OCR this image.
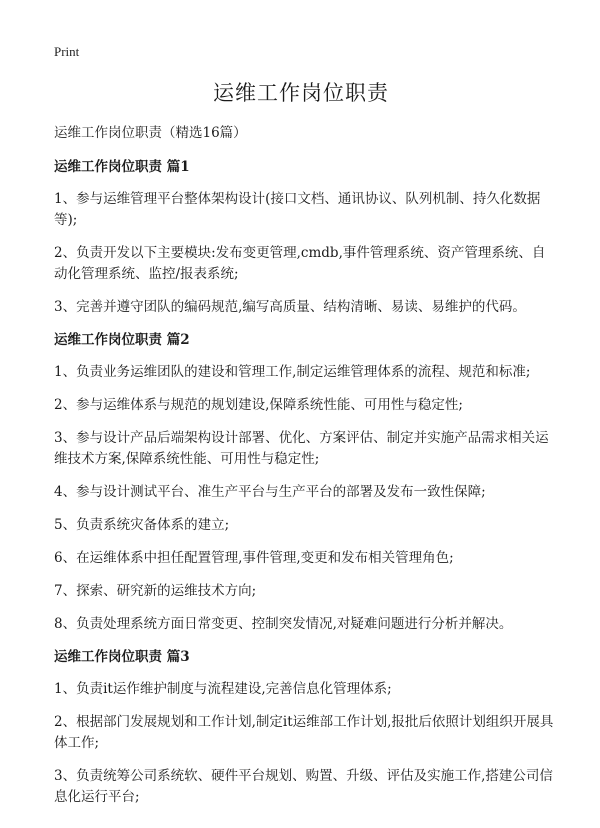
Print
运维工作岗位职责
运维工作岗位职责（精选16篇）
运维工作岗位职责 篇1

1、参与运维管理平台整体架构设计(接口文档、通讯协议、队列机制、持久化数据等);

2、负责开发以下主要模块:发布变更管理,cmdb,事件管理系统、资产管理系统、自动化管理系统、监控/报表系统;

3、完善并遵守团队的编码规范,编写高质量、结构清晰、易读、易维护的代码。

运维工作岗位职责 篇2

1、负责业务运维团队的建设和管理工作,制定运维管理体系的流程、规范和标准;

2、参与运维体系与规范的规划建设,保障系统性能、可用性与稳定性;

3、参与设计产品后端架构设计部署、优化、方案评估、制定并实施产品需求相关运维技术方案,保障系统性能、可用性与稳定性;

4、参与设计测试平台、准生产平台与生产平台的部署及发布一致性保障;

5、负责系统灾备体系的建立;

6、在运维体系中担任配置管理,事件管理,变更和发布相关管理角色;

7、探索、研究新的运维技术方向;

8、负责处理系统方面日常变更、控制突发情况,对疑难问题进行分析并解决。

运维工作岗位职责 篇3

1、负责it运作维护制度与流程建设,完善信息化管理体系;

2、根据部门发展规划和工作计划,制定it运维部工作计划,报批后依照计划组织开展具体工作;

3、负责统筹公司系统软、硬件平台规划、购置、升级、评估及实施工作,搭建公司信息化运行平台;
